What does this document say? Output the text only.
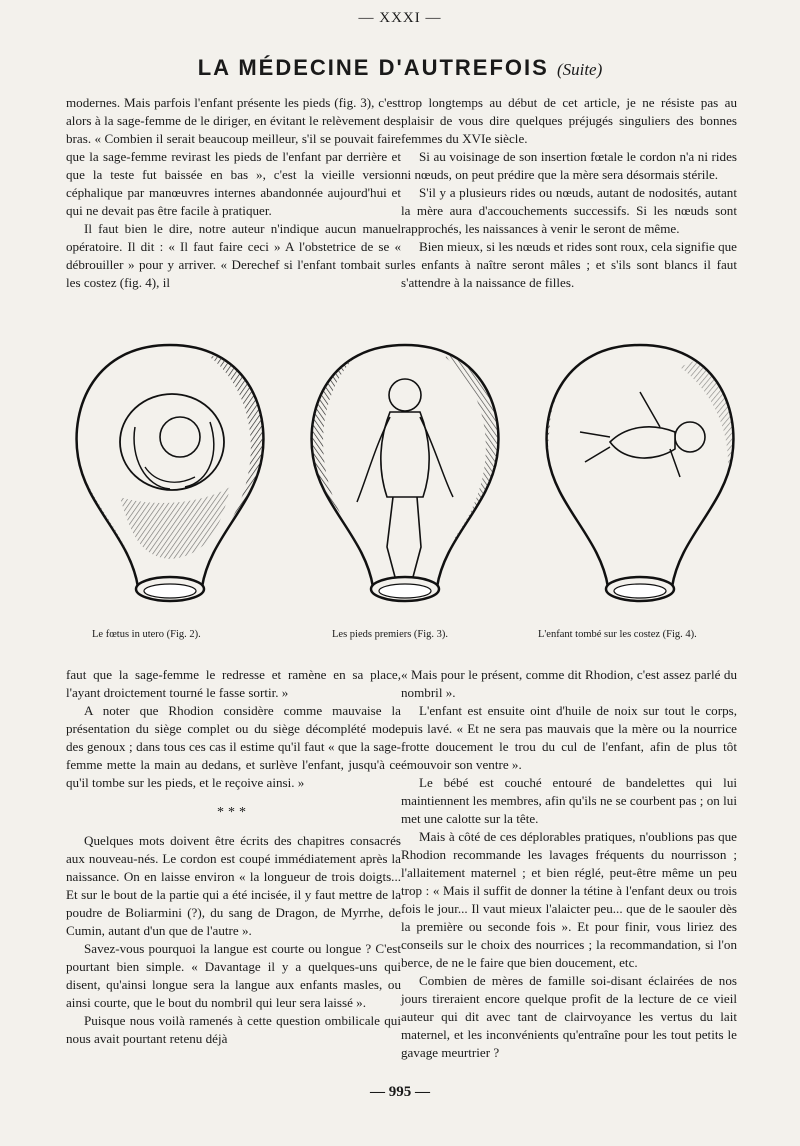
— XXXI —
LA MÉDECINE D'AUTREFOIS (Suite)

modernes. Mais parfois l'enfant présente les pieds (fig. 3), c'est alors à la sage-femme de le diriger, en évitant le relèvement des bras. « Combien il serait beaucoup meilleur, s'il se pouvait faire que la sage-femme revirast les pieds de l'enfant par derrière et que la teste fut baissée en bas », c'est la vieille version céphalique par manœuvres internes abandonnée aujourd'hui et qui ne devait pas être facile à pratiquer.

Il faut bien le dire, notre auteur n'indique aucun manuel opératoire. Il dit : « Il faut faire ceci » A l'obstetrice de se « débrouiller » pour y arriver. « Derechef si l'enfant tombait sur les costez (fig. 4), il

trop longtemps au début de cet article, je ne résiste pas au plaisir de vous dire quelques préjugés singuliers des bonnes femmes du XVIe siècle.

Si au voisinage de son insertion fœtale le cordon n'a ni rides ni nœuds, on peut prédire que la mère sera désormais stérile.

S'il y a plusieurs rides ou nœuds, autant de nodosités, autant la mère aura d'accouchements successifs. Si les nœuds sont rapprochés, les naissances à venir le seront de même.

Bien mieux, si les nœuds et rides sont roux, cela signifie que les enfants à naître seront mâles ; et s'ils sont blancs il faut s'attendre à la naissance de filles.

Le fœtus in utero (Fig. 2).	Les pieds premiers (Fig. 3).	L'enfant tombé sur les costez (Fig. 4).

faut que la sage-femme le redresse et ramène en sa place, l'ayant droictement tourné le fasse sortir. »

A noter que Rhodion considère comme mauvaise la présentation du siège complet ou du siège décomplété mode des genoux ; dans tous ces cas il estime qu'il faut « que la sage-femme mette la main au dedans, et surlève l'enfant, jusqu'à ce qu'il tombe sur les pieds, et le reçoive ainsi. »

***

Quelques mots doivent être écrits des chapitres consacrés aux nouveau-nés. Le cordon est coupé immédiatement après la naissance. On en laisse environ « la longueur de trois doigts... Et sur le bout de la partie qui a été incisée, il y faut mettre de la poudre de Boliarmini (?), du sang de Dragon, de Myrrhe, de Cumin, autant d'un que de l'autre ».

Savez-vous pourquoi la langue est courte ou longue ? C'est pourtant bien simple. « Davantage il y a quelques-uns qui disent, qu'ainsi longue sera la langue aux enfants masles, ou ainsi courte, que le bout du nombril qui leur sera laissé ».

Puisque nous voilà ramenés à cette question ombilicale qui nous avait pourtant retenu déjà

« Mais pour le présent, comme dit Rhodion, c'est assez parlé du nombril ».

L'enfant est ensuite oint d'huile de noix sur tout le corps, puis lavé. « Et ne sera pas mauvais que la mère ou la nourrice frotte doucement le trou du cul de l'enfant, afin de plus tôt émouvoir son ventre ».

Le bébé est couché entouré de bandelettes qui lui maintiennent les membres, afin qu'ils ne se courbent pas ; on lui met une calotte sur la tête.

Mais à côté de ces déplorables pratiques, n'oublions pas que Rhodion recommande les lavages fréquents du nourrisson ; l'allaitement maternel ; et bien réglé, peut-être même un peu trop : « Mais il suffit de donner la tétine à l'enfant deux ou trois fois le jour... Il vaut mieux l'alaicter peu... que de le saouler dès la première ou seconde fois ». Et pour finir, vous liriez des conseils sur le choix des nourrices ; la recommandation, si l'on berce, de ne le faire que bien doucement, etc.

Combien de mères de famille soi-disant éclairées de nos jours tireraient encore quelque profit de la lecture de ce vieil auteur qui dit avec tant de clairvoyance les vertus du lait maternel, et les inconvénients qu'entraîne pour les tout petits le gavage meurtrier ?

— 995 —
